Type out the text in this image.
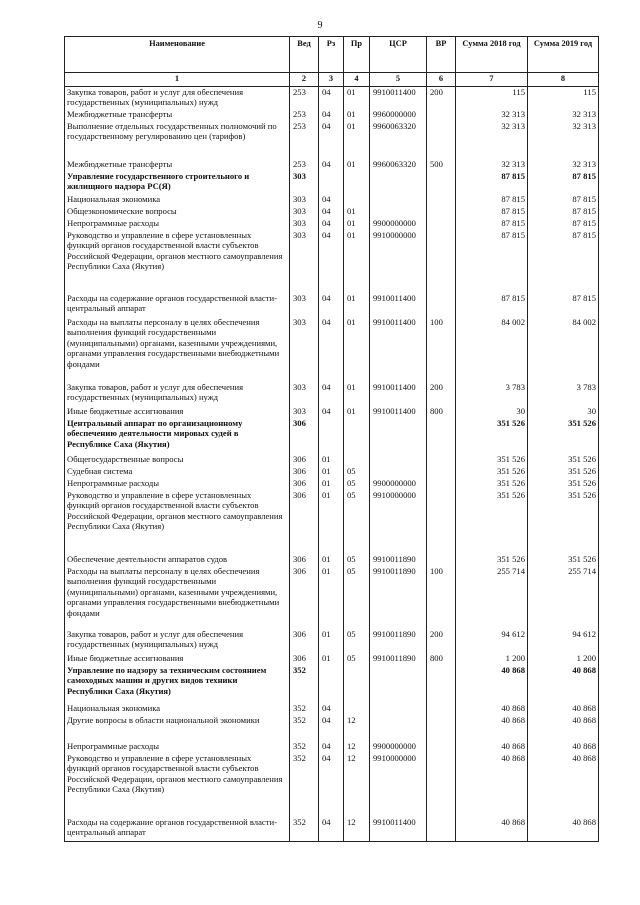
9
Наименование	Вед	Рз	Пр	ЦСР	ВР	Сумма 2018 год	Сумма 2019 год
1	2	3	4	5	6	7	8
Закупка товаров, работ и услуг для обеспечения государственных (муниципальных) нужд	253	04	01	9910011400	200	115	115
Межбюджетные трансферты	253	04	01	9960000000		32 313	32 313
Выполнение отдельных государственных полномочий по государственному регулированию цен (тарифов)	253	04	01	9960063320		32 313	32 313
Межбюджетные трансферты	253	04	01	9960063320	500	32 313	32 313
Управление государственного строительного и жилищного надзора РС(Я)	303					87 815	87 815
Национальная экономика	303	04				87 815	87 815
Общеэкономические вопросы	303	04	01			87 815	87 815
Непрограммные расходы	303	04	01	9900000000		87 815	87 815
Руководство и управление в сфере установленных функций органов государственной власти субъектов Российской Федерации, органов местного самоуправления Республики Саха (Якутия)	303	04	01	9910000000		87 815	87 815
Расходы на содержание органов государственной власти- центральный аппарат	303	04	01	9910011400		87 815	87 815
Расходы на выплаты персоналу в целях обеспечения выполнения функций государственными (муниципальными) органами, казенными учреждениями, органами управления государственными внебюджетными фондами	303	04	01	9910011400	100	84 002	84 002
Закупка товаров, работ и услуг для обеспечения государственных (муниципальных) нужд	303	04	01	9910011400	200	3 783	3 783
Иные бюджетные ассигнования	303	04	01	9910011400	800	30	30
Центральный аппарат по организационному обеспечению деятельности мировых судей в Республике Саха (Якутия)	306					351 526	351 526
Общегосударственные вопросы	306	01				351 526	351 526
Судебная система	306	01	05			351 526	351 526
Непрограммные расходы	306	01	05	9900000000		351 526	351 526
Руководство и управление в сфере установленных функций органов государственной власти субъектов Российской Федерации, органов местного самоуправления Республики Саха (Якутия)	306	01	05	9910000000		351 526	351 526
Обеспечение деятельности аппаратов судов	306	01	05	9910011890		351 526	351 526
Расходы на выплаты персоналу в целях обеспечения выполнения функций государственными (муниципальными) органами, казенными учреждениями, органами управления государственными внебюджетными фондами	306	01	05	9910011890	100	255 714	255 714
Закупка товаров, работ и услуг для обеспечения государственных (муниципальных) нужд	306	01	05	9910011890	200	94 612	94 612
Иные бюджетные ассигнования	306	01	05	9910011890	800	1 200	1 200
Управление по надзору за техническим состоянием самоходных машин и других видов техники Республики Саха (Якутия)	352					40 868	40 868
Национальная экономика	352	04				40 868	40 868
Другие вопросы в области национальной экономики	352	04	12			40 868	40 868
Непрограммные расходы	352	04	12	9900000000		40 868	40 868
Руководство и управление в сфере установленных функций органов государственной власти субъектов Российской Федерации, органов местного самоуправления Республики Саха (Якутия)	352	04	12	9910000000		40 868	40 868
Расходы на содержание органов государственной власти- центральный аппарат	352	04	12	9910011400		40 868	40 868
